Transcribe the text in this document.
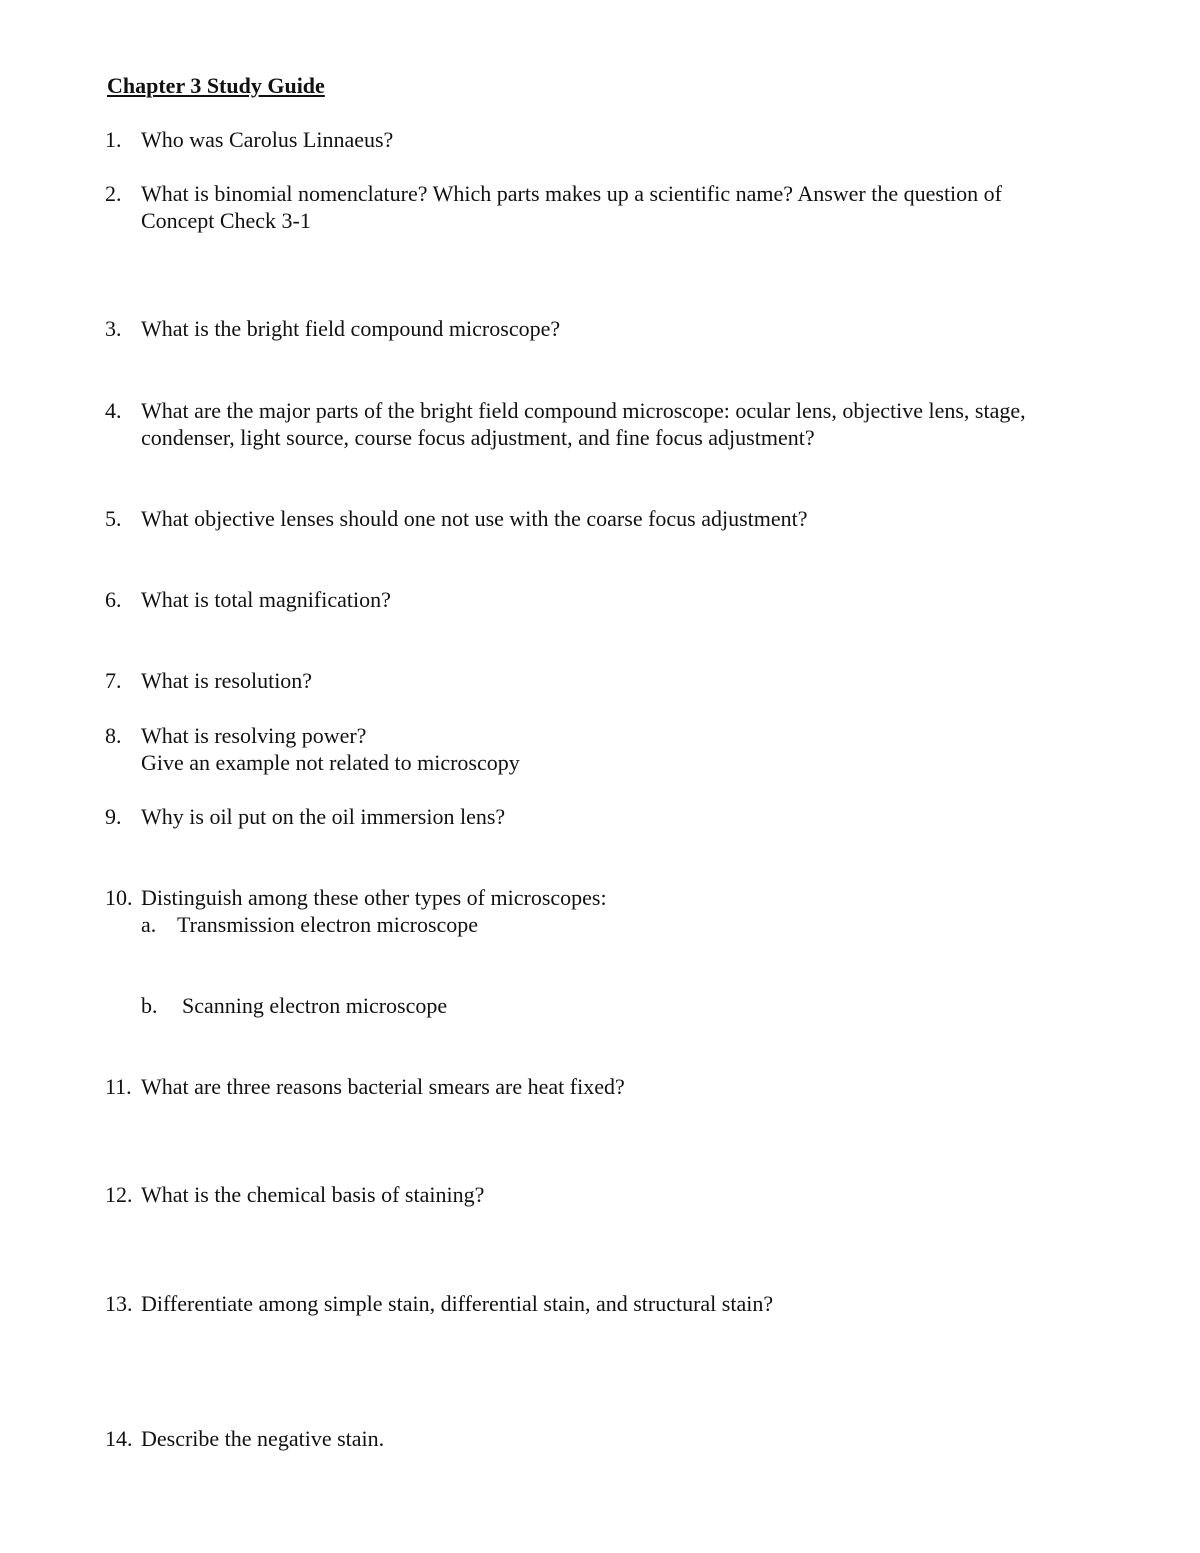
Chapter 3 Study Guide
1. Who was Carolus Linnaeus?
2. What is binomial nomenclature? Which parts makes up a scientific name? Answer the question of
Concept Check 3-1
3. What is the bright field compound microscope?
4. What are the major parts of the bright field compound microscope: ocular lens, objective lens, stage,
condenser, light source, course focus adjustment, and fine focus adjustment?
5. What objective lenses should one not use with the coarse focus adjustment?
6. What is total magnification?
7. What is resolution?
8. What is resolving power?
Give an example not related to microscopy
9. Why is oil put on the oil immersion lens?
10. Distinguish among these other types of microscopes:
a. Transmission electron microscope
b. Scanning electron microscope
11. What are three reasons bacterial smears are heat fixed?
12. What is the chemical basis of staining?
13. Differentiate among simple stain, differential stain, and structural stain?
14. Describe the negative stain.
